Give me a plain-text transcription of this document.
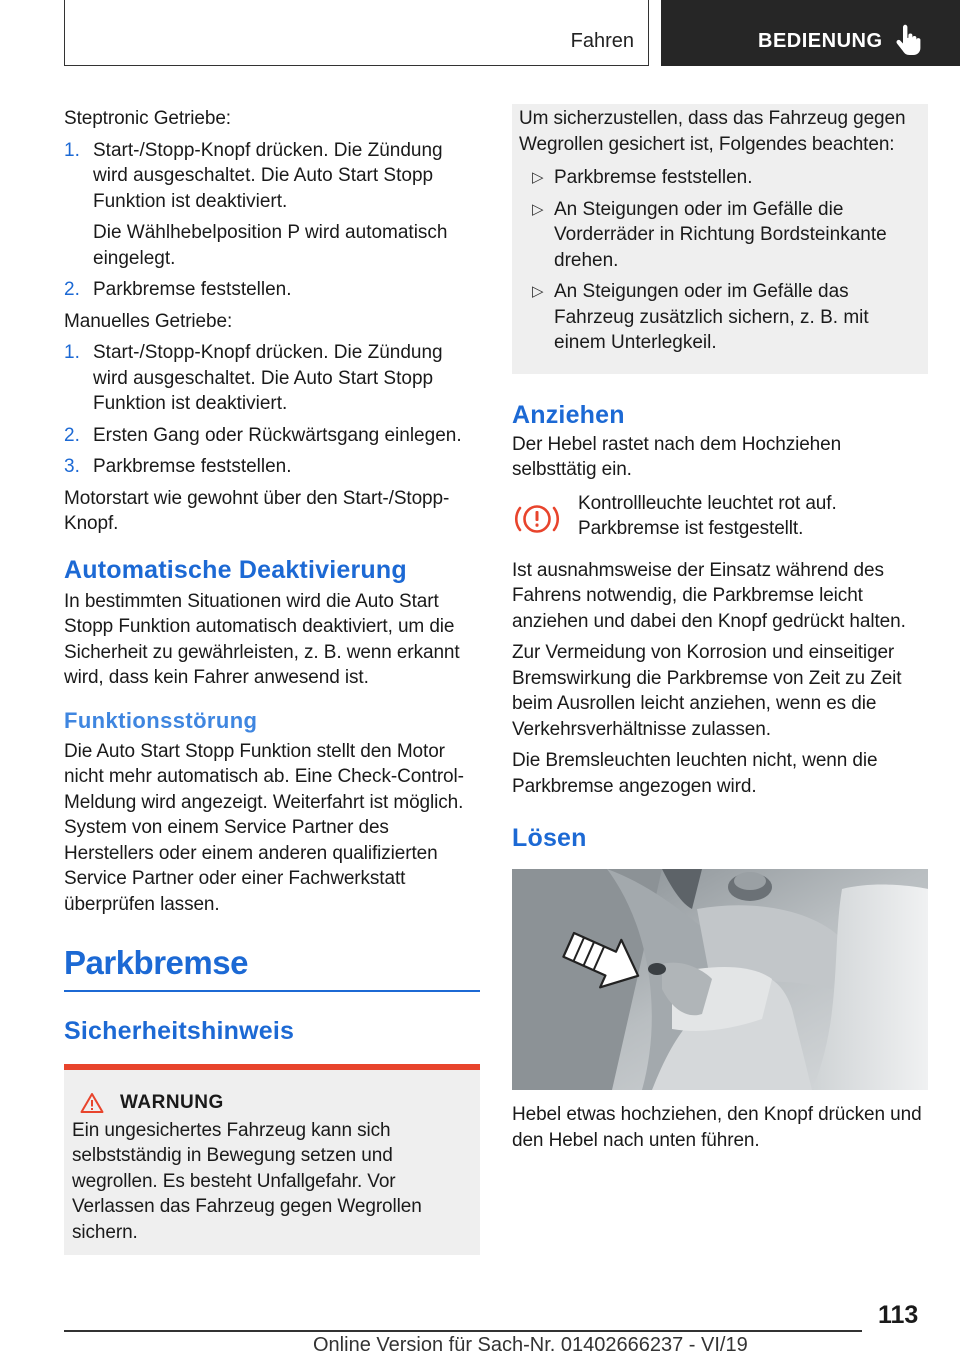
Fahren	BEDIENUNG

Steptronic Getriebe:

1. Start-/Stopp-Knopf drücken. Die Zündung wird ausgeschaltet. Die Auto Start Stopp Funktion ist deaktiviert.

Die Wählhebelposition P wird automatisch eingelegt.

2. Parkbremse feststellen.

Manuelles Getriebe:

1. Start-/Stopp-Knopf drücken. Die Zündung wird ausgeschaltet. Die Auto Start Stopp Funktion ist deaktiviert.

2. Ersten Gang oder Rückwärtsgang einlegen.

3. Parkbremse feststellen.

Motorstart wie gewohnt über den Start-/Stopp-Knopf.

Automatische Deaktivierung

In bestimmten Situationen wird die Auto Start Stopp Funktion automatisch deaktiviert, um die Sicherheit zu gewährleisten, z. B. wenn erkannt wird, dass kein Fahrer anwesend ist.

Funktionsstörung

Die Auto Start Stopp Funktion stellt den Motor nicht mehr automatisch ab. Eine Check-Control-Meldung wird angezeigt. Weiterfahrt ist möglich. System von einem Service Partner des Herstellers oder einem anderen qualifizierten Service Partner oder einer Fachwerkstatt überprüfen lassen.

Parkbremse
Sicherheitshinweis
WARNUNG

Ein ungesichertes Fahrzeug kann sich selbstständig in Bewegung setzen und wegrollen. Es besteht Unfallgefahr. Vor Verlassen das Fahrzeug gegen Wegrollen sichern.

Um sicherzustellen, dass das Fahrzeug gegen Wegrollen gesichert ist, Folgendes beachten:

▷ Parkbremse feststellen.
▷ An Steigungen oder im Gefälle die Vorderräder in Richtung Bordsteinkante drehen.
▷ An Steigungen oder im Gefälle das Fahrzeug zusätzlich sichern, z. B. mit einem Unterlegkeil.
Anziehen

Der Hebel rastet nach dem Hochziehen selbsttätig ein.

Kontrollleuchte leuchtet rot auf. Parkbremse ist festgestellt.

Ist ausnahmsweise der Einsatz während des Fahrens notwendig, die Parkbremse leicht anziehen und dabei den Knopf gedrückt halten.

Zur Vermeidung von Korrosion und einseitiger Bremswirkung die Parkbremse von Zeit zu Zeit beim Ausrollen leicht anziehen, wenn es die Verkehrsverhältnisse zulassen.

Die Bremsleuchten leuchten nicht, wenn die Parkbremse angezogen wird.

Lösen

Hebel etwas hochziehen, den Knopf drücken und den Hebel nach unten führen.

113
Online Version für Sach-Nr. 01402666237 - VI/19
